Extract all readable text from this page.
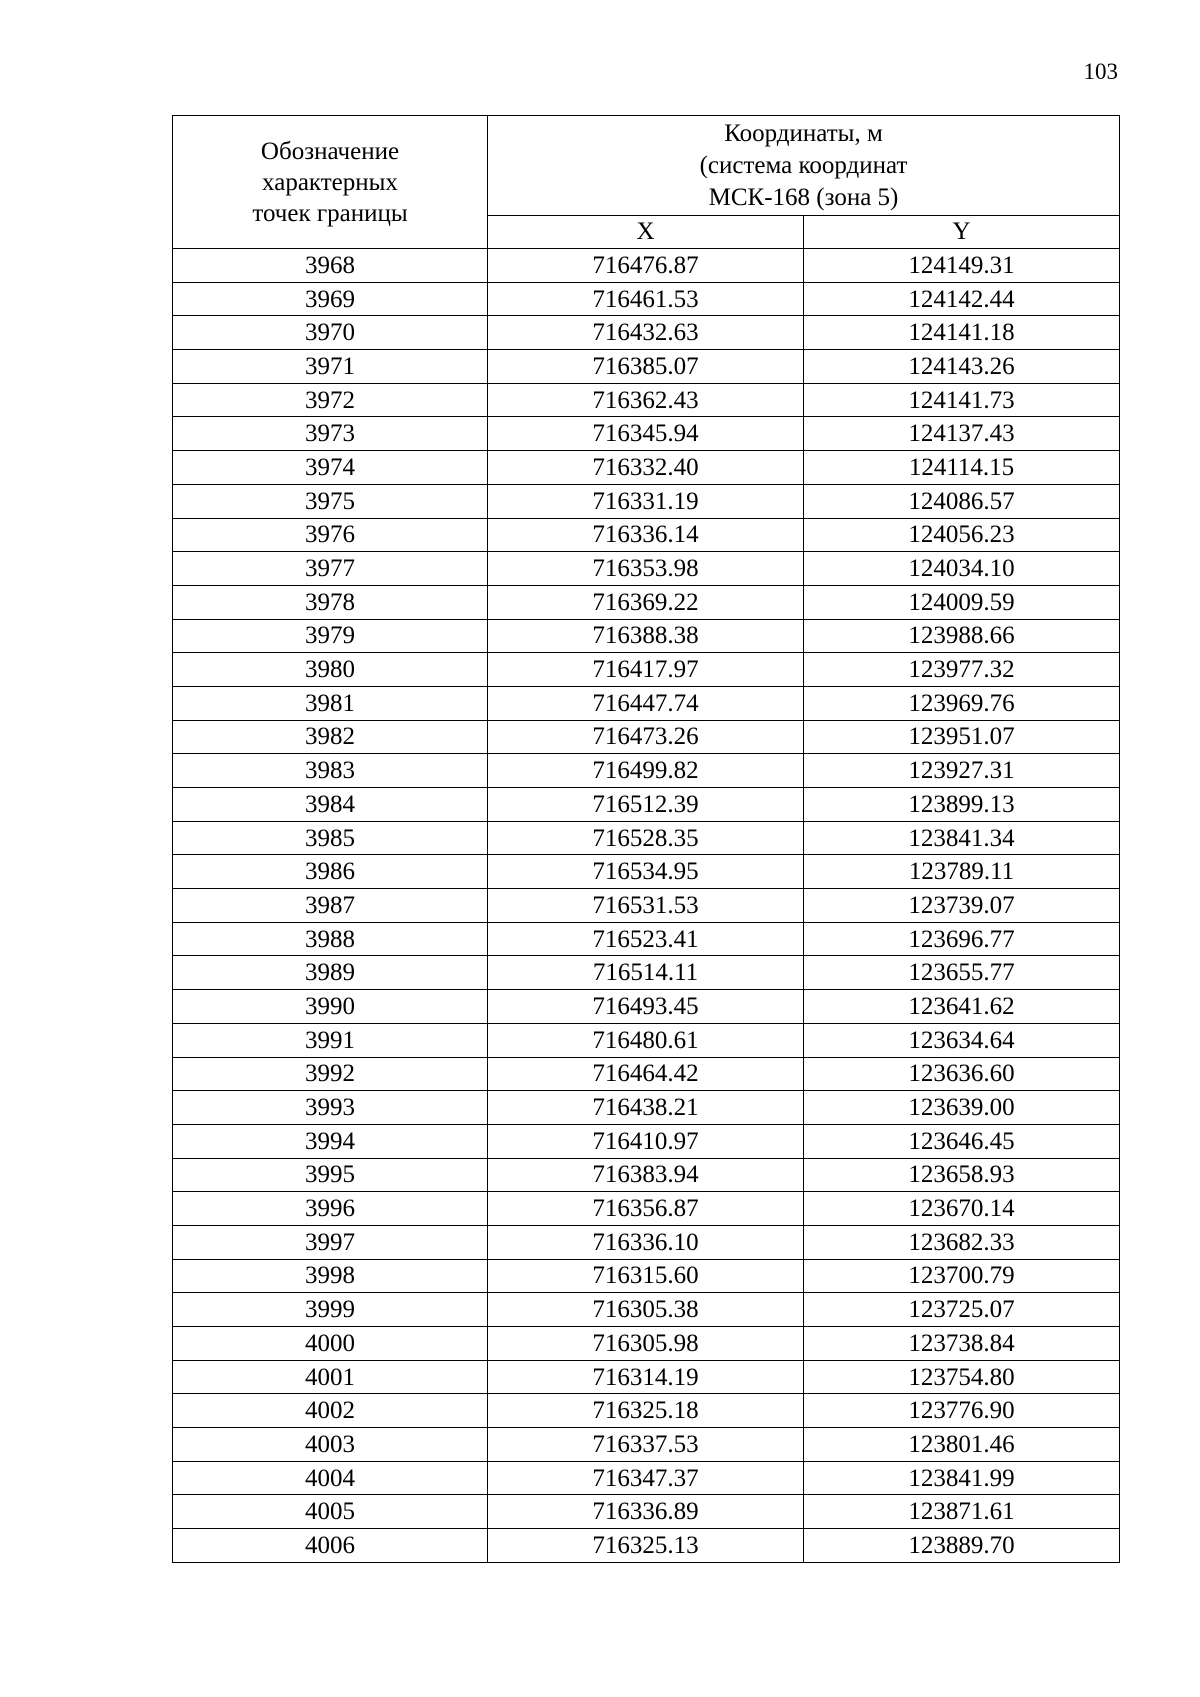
103
Обозначение
характерных
точек границы	Координаты, м
(система координат
МСК-168 (зона 5)	
	X	Y
3968	716476.87	124149.31
3969	716461.53	124142.44
3970	716432.63	124141.18
3971	716385.07	124143.26
3972	716362.43	124141.73
3973	716345.94	124137.43
3974	716332.40	124114.15
3975	716331.19	124086.57
3976	716336.14	124056.23
3977	716353.98	124034.10
3978	716369.22	124009.59
3979	716388.38	123988.66
3980	716417.97	123977.32
3981	716447.74	123969.76
3982	716473.26	123951.07
3983	716499.82	123927.31
3984	716512.39	123899.13
3985	716528.35	123841.34
3986	716534.95	123789.11
3987	716531.53	123739.07
3988	716523.41	123696.77
3989	716514.11	123655.77
3990	716493.45	123641.62
3991	716480.61	123634.64
3992	716464.42	123636.60
3993	716438.21	123639.00
3994	716410.97	123646.45
3995	716383.94	123658.93
3996	716356.87	123670.14
3997	716336.10	123682.33
3998	716315.60	123700.79
3999	716305.38	123725.07
4000	716305.98	123738.84
4001	716314.19	123754.80
4002	716325.18	123776.90
4003	716337.53	123801.46
4004	716347.37	123841.99
4005	716336.89	123871.61
4006	716325.13	123889.70
